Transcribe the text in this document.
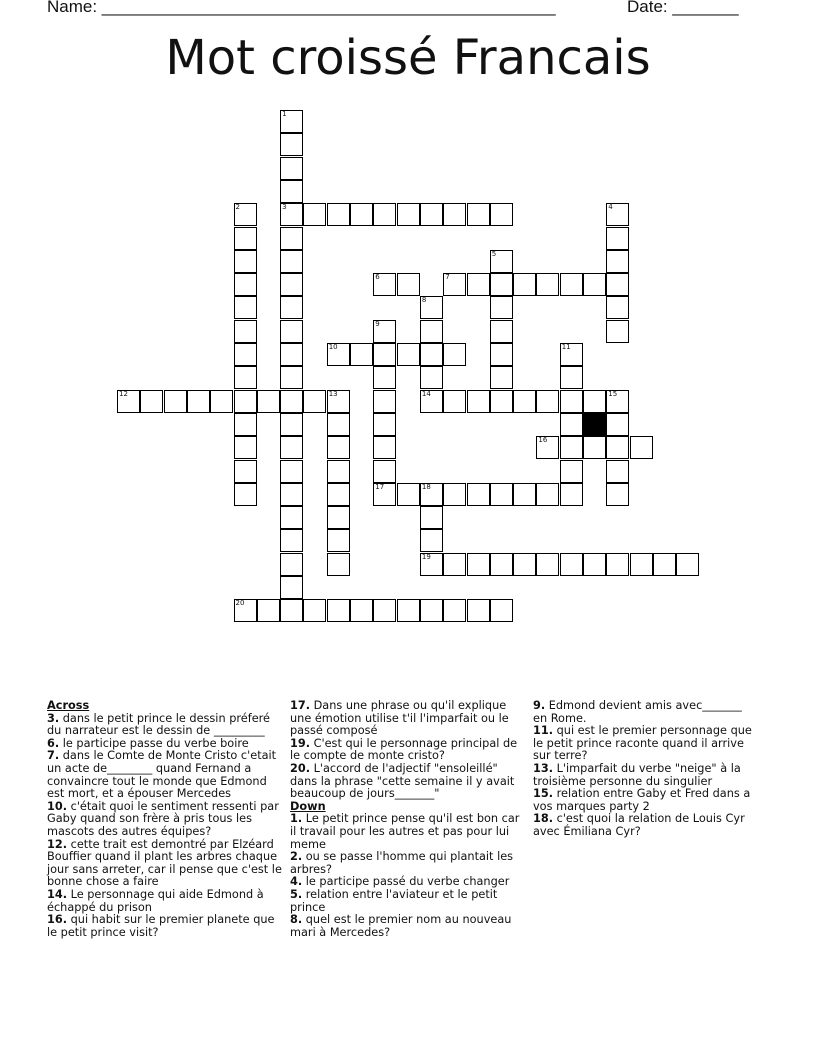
Name: ________________________________________________	Date: _______
Mot croissé Francais
1
3
2	4
5
6	7
8
9
10	11
12	13	14	15
16
17	18
19
20

Across

3. dans le petit prince le dessin préferé du narrateur est le dessin de _________

6. le participe passe du verbe boire

7. dans le Comte de Monte Cristo c'etait un acte de________ quand Fernand a convaincre tout le monde que Edmond est mort, et a épouser Mercedes

10. c'était quoi le sentiment ressenti par Gaby quand son frère à pris tous les mascots des autres équipes?

12. cette trait est demontré par Elzéard Bouffier quand il plant les arbres chaque jour sans arreter, car il pense que c'est le bonne chose a faire

14. Le personnage qui aide Edmond à échappé du prison

16. qui habit sur le premier planete que le petit prince visit?

17. Dans une phrase ou qu'il explique une émotion utilise t'il l'imparfait ou le passé composé

19. C'est qui le personnage principal de le compte de monte cristo?

20. L'accord de l'adjectif "ensoleillé" dans la phrase "cette semaine il y avait beaucoup de jours_______"

Down

1. Le petit prince pense qu'il est bon car il travail pour les autres et pas pour lui meme

2. ou se passe l'homme qui plantait les arbres?

4. le participe passé du verbe changer

5. relation entre l'aviateur et le petit prince

8. quel est le premier nom au nouveau mari à Mercedes?

9. Edmond devient amis avec_______ en Rome.

11. qui est le premier personnage que le petit prince raconte quand il arrive sur terre?

13. L'imparfait du verbe "neige" à la troisième personne du singulier

15. relation entre Gaby et Fred dans a vos marques party 2

18. c'est quoi la relation de Louis Cyr avec Émiliana Cyr?
